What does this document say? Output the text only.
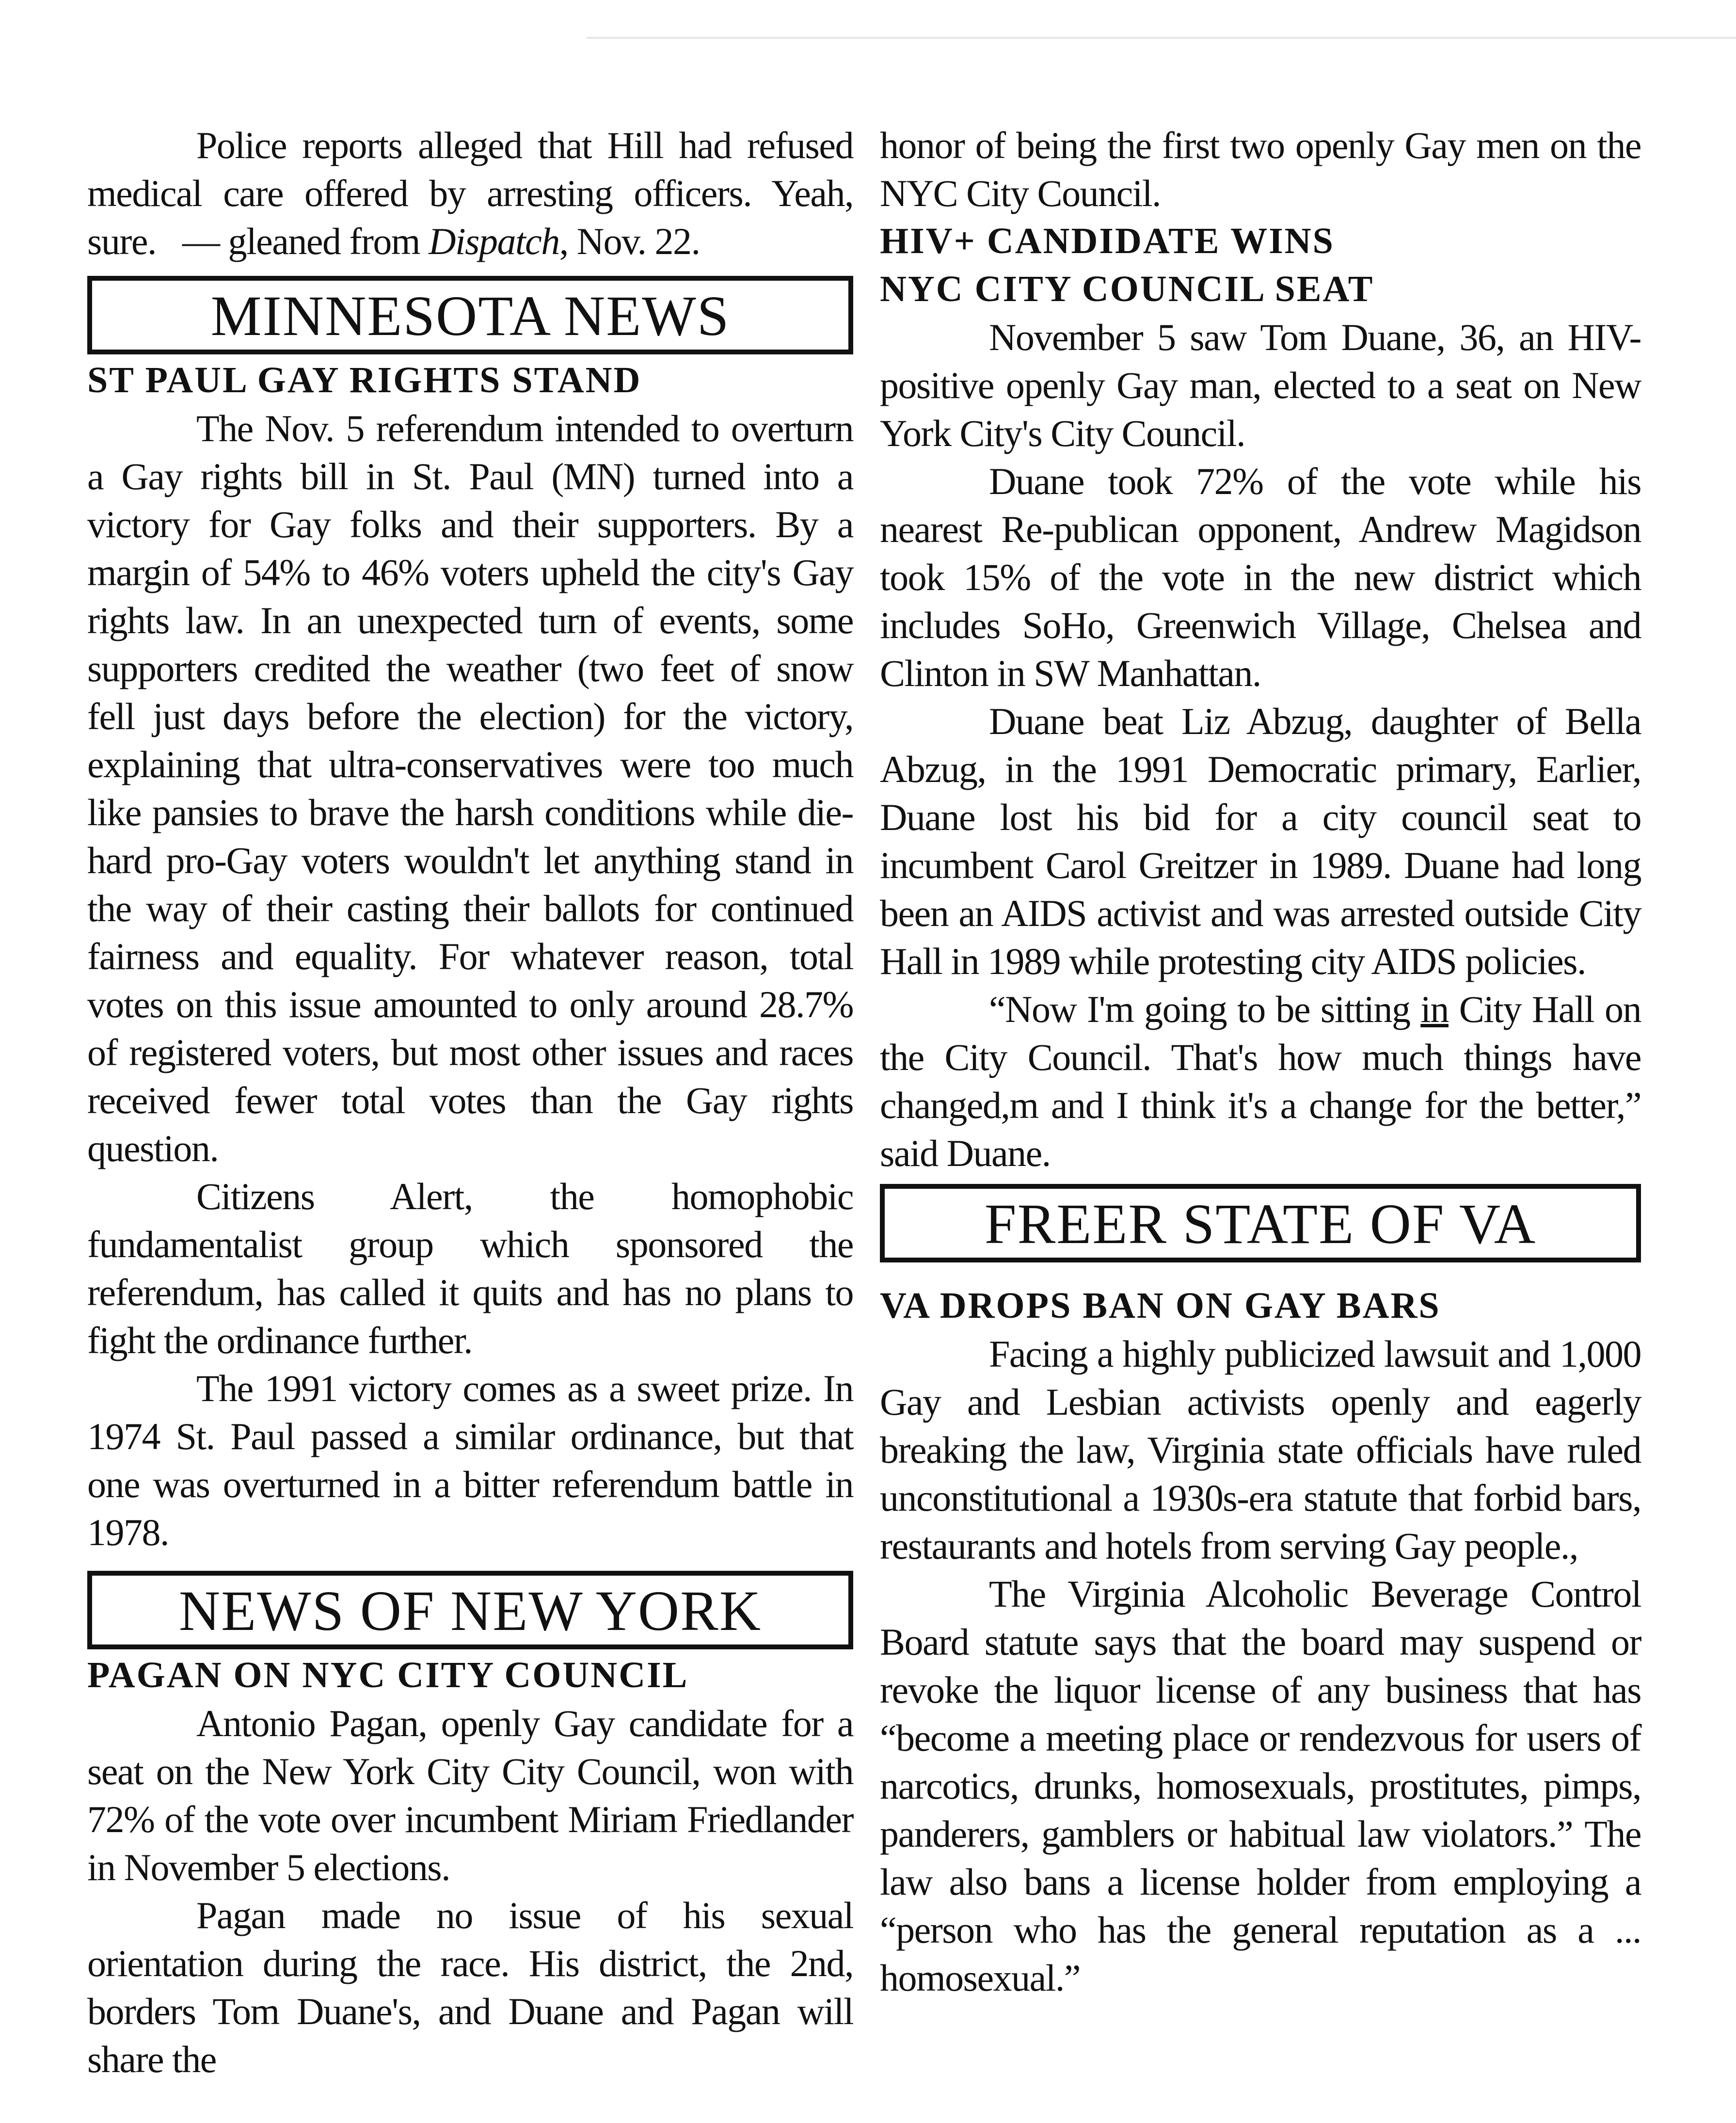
Police reports alleged that Hill had refused medical care offered by arresting officers. Yeah, sure. — gleaned from Dispatch, Nov. 22.

MINNESOTA NEWS
ST PAUL GAY RIGHTS STAND

The Nov. 5 referendum intended to overturn a Gay rights bill in St. Paul (MN) turned into a victory for Gay folks and their supporters. By a margin of 54% to 46% voters upheld the city's Gay rights law. In an unexpected turn of events, some supporters credited the weather (two feet of snow fell just days before the election) for the victory, explaining that ultra-conservatives were too much like pansies to brave the harsh conditions while die-hard pro-Gay voters wouldn't let anything stand in the way of their casting their ballots for continued fairness and equality. For whatever reason, total votes on this issue amounted to only around 28.7% of registered voters, but most other issues and races received fewer total votes than the Gay rights question.

Citizens Alert, the homophobic fundamentalist group which sponsored the referendum, has called it quits and has no plans to fight the ordinance further.

The 1991 victory comes as a sweet prize. In 1974 St. Paul passed a similar ordinance, but that one was overturned in a bitter referendum battle in 1978.

NEWS OF NEW YORK
PAGAN ON NYC CITY COUNCIL

Antonio Pagan, openly Gay candidate for a seat on the New York City City Council, won with 72% of the vote over incumbent Miriam Friedlander in November 5 elections.

Pagan made no issue of his sexual orientation during the race. His district, the 2nd, borders Tom Duane's, and Duane and Pagan will share the

honor of being the first two openly Gay men on the NYC City Council.

HIV+ CANDIDATE WINS
NYC CITY COUNCIL SEAT

November 5 saw Tom Duane, 36, an HIV-positive openly Gay man, elected to a seat on New York City's City Council.

Duane took 72% of the vote while his nearest Re-publican opponent, Andrew Magidson took 15% of the vote in the new district which includes SoHo, Greenwich Village, Chelsea and Clinton in SW Manhattan.

Duane beat Liz Abzug, daughter of Bella Abzug, in the 1991 Democratic primary, Earlier, Duane lost his bid for a city council seat to incumbent Carol Greitzer in 1989. Duane had long been an AIDS activist and was arrested outside City Hall in 1989 while protesting city AIDS policies.

“Now I'm going to be sitting in City Hall on the City Council. That's how much things have changed,m and I think it's a change for the better,” said Duane.

FREER STATE OF VA
VA DROPS BAN ON GAY BARS

Facing a highly publicized lawsuit and 1,000 Gay and Lesbian activists openly and eagerly breaking the law, Virginia state officials have ruled unconstitutional a 1930s-era statute that forbid bars, restaurants and hotels from serving Gay people.,

The Virginia Alcoholic Beverage Control Board statute says that the board may suspend or revoke the liquor license of any business that has “become a meeting place or rendezvous for users of narcotics, drunks, homosexuals, prostitutes, pimps, panderers, gamblers or habitual law violators.” The law also bans a license holder from employing a “person who has the general reputation as a ... homosexual.”
